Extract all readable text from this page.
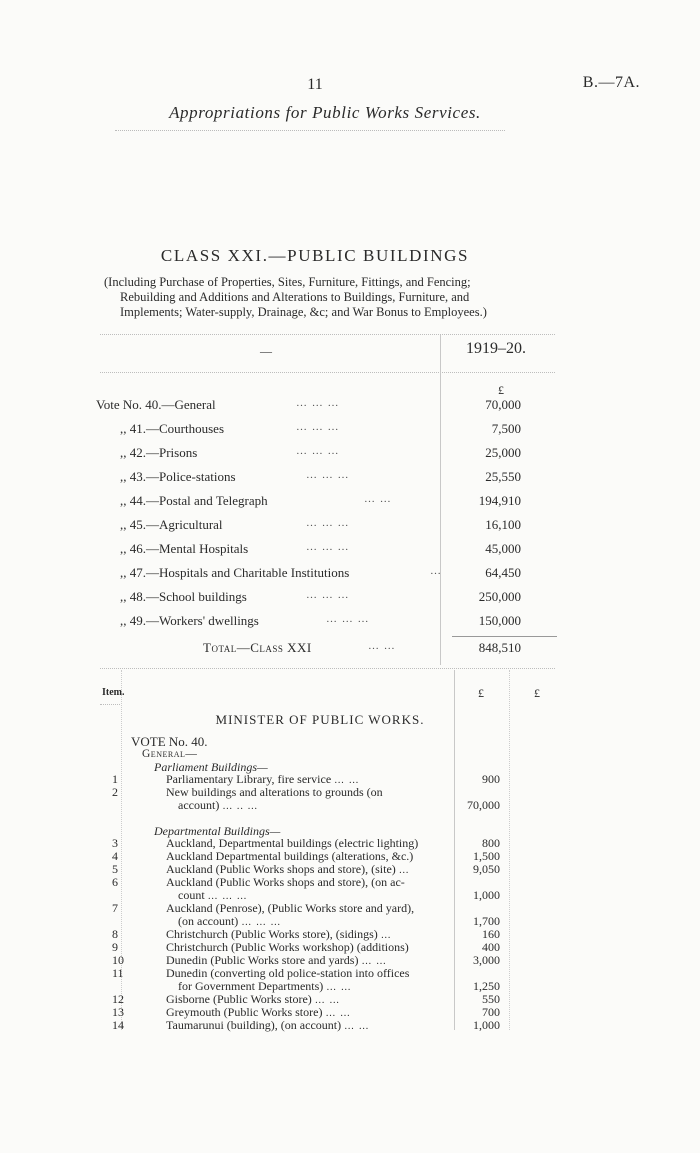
11	B.—7A.
Appropriations for Public Works Services.
CLASS XXI.—PUBLIC BUILDINGS
(Including Purchase of Properties, Sites, Furniture, Fittings, and Fencing;
Rebuilding and Additions and Alterations to Buildings, Furniture, and
Implements; Water-supply, Drainage, &c; and War Bonus to Employees.)
—	1919–20.
£
Vote No. 40.—General	… … …	70,000
,, 41.—Courthouses	… … …	7,500
,, 42.—Prisons	… … …	25,000
,, 43.—Police-stations	… … …	25,550
,, 44.—Postal and Telegraph	… …	194,910
,, 45.—Agricultural	… … …	16,100
,, 46.—Mental Hospitals	… … …	45,000
,, 47.—Hospitals and Charitable Institutions	…	64,450
,, 48.—School buildings	… … …	250,000
,, 49.—Workers' dwellings	… … …	150,000
Total—Class XXI	… …	848,510
Item.	£	£
MINISTER OF PUBLIC WORKS.
VOTE No. 40.
General—
Parliament Buildings—
1	Parliamentary Library, fire service … …	900
2	New buildings and alterations to grounds (on
account) … .. …	70,000
Departmental Buildings—
3	Auckland, Departmental buildings (electric lighting)	800
4	Auckland Departmental buildings (alterations, &c.)	1,500
5	Auckland (Public Works shops and store), (site) …	9,050
6	Auckland (Public Works shops and store), (on ac-
count … … …	1,000
7	Auckland (Penrose), (Public Works store and yard),
(on account) … … …	1,700
8	Christchurch (Public Works store), (sidings) …	160
9	Christchurch (Public Works workshop) (additions)	400
10	Dunedin (Public Works store and yards) … …	3,000
11	Dunedin (converting old police-station into offices
for Government Departments) … …	1,250
12	Gisborne (Public Works store) … …	550
13	Greymouth (Public Works store) … …	700
14	Taumarunui (building), (on account) … …	1,000
